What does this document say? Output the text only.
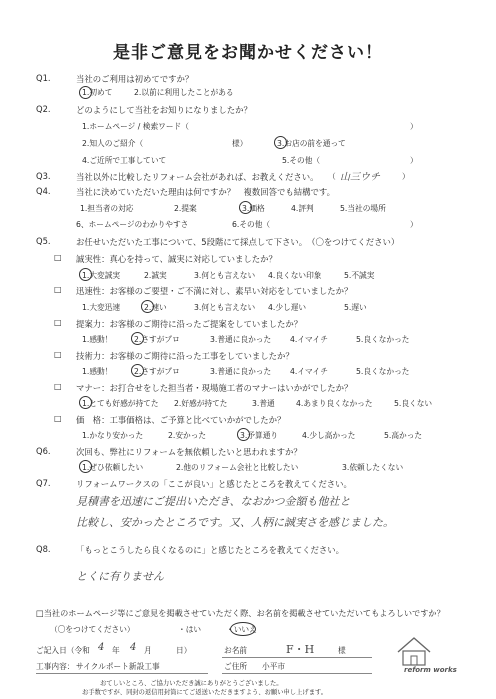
是非ご意見をお聞かせください！
Q1.	当社のご利用は初めてですか？
1.初めて	2.以前に利用したことがある
Q2.	どのようにして当社をお知りになりましたか？
1.ホームページ / 検索ワード（	）
2.知人のご紹介（	様）	3.お店の前を通って
4.ご近所で工事していて	5.その他（	）
Q3.	当社以外に比較したリフォーム会社があれば、お教えください。 （ 山三ウチ	）
Q4.	当社に決めていただいた理由は何ですか？　複数回答でも結構です。
1.担当者の対応	2.提案	3.価格	4.評判	5.当社の場所
6、ホームページのわかりやすさ	6.その他（	）
Q5.	お任せいただいた工事について、5段階にて採点して下さい。　（〇をつけてください）
□ 誠実性：真心を持って、誠実に対応していましたか？
1.大変誠実	2.誠実	3.何とも言えない 4.良くない印象	5.不誠実
□ 迅速性：お客様のご要望・ご不満に対し、素早い対応をしていましたか？
1.大変迅速	2.速い	3.何とも言えない 4.少し遅い	5.遅い
□ 提案力：お客様のご期待に沿ったご提案をしていましたか？
1.感動！	2.さすがプロ	3.普通に良かった 4.イマイチ	5.良くなかった
□ 技術力：お客様のご期待に沿った工事をしていましたか？
1.感動！	2.さすがプロ	3.普通に良かった 4.イマイチ	5.良くなかった
□ マナー：お打合せをした担当者・現場施工者のマナーはいかがでしたか？
1.とても好感が持てた 2.好感が持てた	3.普通	4.あまり良くなかった	5.良くない
□ 価　格：工事価格は、ご予算と比べていかがでしたか？
1.かなり安かった	2.安かった	3.予算通り	4.少し高かった	5.高かった
Q6.	次回も、弊社にリフォームを無依頼したいと思われますか？
1.ぜひ依頼したい	2.他のリフォーム会社と比較したい	3.依頼したくない
Q7.	リフォームワークスの「ここが良い」と感じたところを教えてください。
見積書を迅速にご提出いただき、なおかつ金額も他社と
比較し、安かったところです。又、人柄に誠実さを感じました。
Q8.	「もっとこうしたら良くなるのに」と感じたところを教えてください。
とくに有りません
□当社のホームページ等にご意見を掲載させていただく際、お名前を掲載させていただいてもよろしいですか？
（〇をつけてください）	・はい	・いいえ
ご記入日（令和 4 年 4 月	日）	お名前	F・H	様
工事内容： サイクルポート新設工事	ご住所 小平市
おてしいところ、ご協力いただき誠にありがとうございました。
お手数ですが、同封の返信用封筒にてご返送いただきますよう、お願い申し上げます。
reform works
